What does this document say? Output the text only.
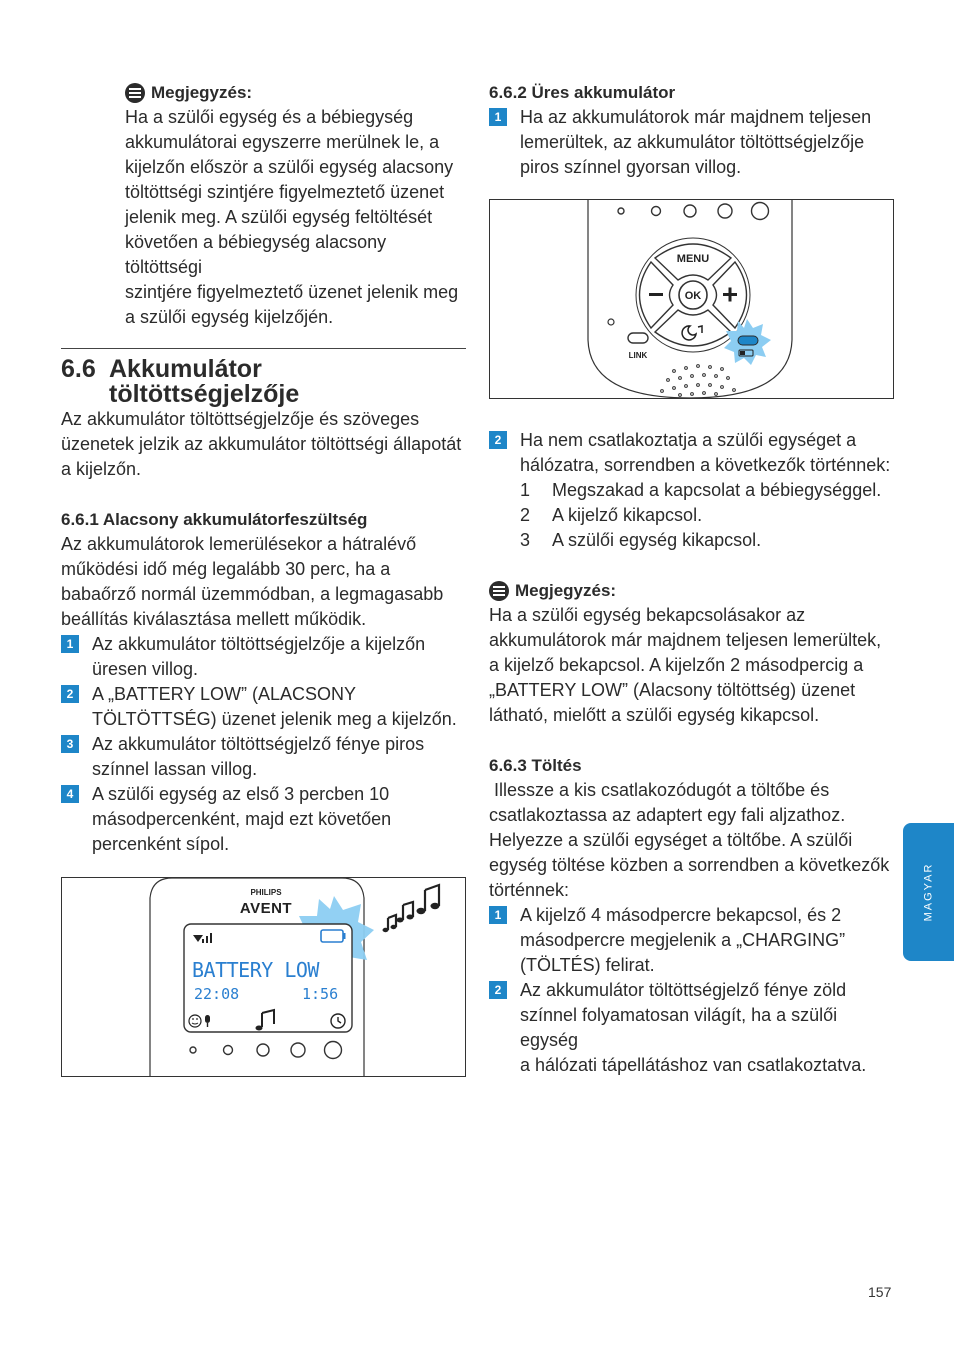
Megjegyzés:

Ha a szülői egység és a bébiegység

akkumulátorai egyszerre merülnek le, a

kijelzőn először a szülői egység alacsony

töltöttségi szintjére figyelmeztető üzenet

jelenik meg. A szülői egység feltöltését

követően a bébiegység alacsony töltöttségi

szintjére figyelmeztető üzenet jelenik meg

a szülői egység kijelzőjén.

6.6 Akkumulátor
töltöttségjelzője

Az akkumulátor töltöttségjelzője és szöveges

üzenetek jelzik az akkumulátor töltöttségi állapotát

a kijelzőn.

6.6.1 Alacsony akkumulátorfeszültség

Az akkumulátorok lemerülésekor a hátralévő

működési idő még legalább 30 perc, ha a

babaőrző normál üzemmódban, a legmagasabb

beállítás kiválasztása mellett működik.

1	Az akkumulátor töltöttségjelzője a kijelzőn

üresen villog.

2	A „BATTERY LOW” (ALACSONY

TÖLTÖTTSÉG) üzenet jelenik meg a kijelzőn.

3	Az akkumulátor töltöttségjelző fénye piros

színnel lassan villog.

4	A szülői egység az első 3 percben 10

másodpercenként, majd ezt követően

percenként sípol.

PHILIPS
AVENT
BATTERY LOW
22:08	1:56
6.6.2 Üres akkumulátor
1	Ha az akkumulátorok már majdnem teljesen

lemerültek, az akkumulátor töltöttségjelzője

piros színnel gyorsan villog.

MENU
OK
LINK
2	Ha nem csatlakoztatja a szülői egységet a

hálózatra, sorrendben a következők történnek:

1	Megszakad a kapcsolat a bébiegységgel.
2	A kijelző kikapcsol.
3	A szülői egység kikapcsol.
Megjegyzés:

Ha a szülői egység bekapcsolásakor az

akkumulátorok már majdnem teljesen lemerültek,

a kijelző bekapcsol. A kijelzőn 2 másodpercig a

„BATTERY LOW” (Alacsony töltöttség) üzenet

látható, mielőtt a szülői egység kikapcsol.

6.6.3 Töltés

Illessze a kis csatlakozódugót a töltőbe és

csatlakoztassa az adaptert egy fali aljzathoz.

Helyezze a szülői egységet a töltőbe. A szülői

egység töltése közben a sorrendben a következők

történnek:

1	A kijelző 4 másodpercre bekapcsol, és 2

másodpercre megjelenik a „CHARGING”

(TÖLTÉS) felirat.

2	Az akkumulátor töltöttségjelző fénye zöld

színnel folyamatosan világít, ha a szülői egység

a hálózati tápellátáshoz van csatlakoztatva.

MAGYAR
157
